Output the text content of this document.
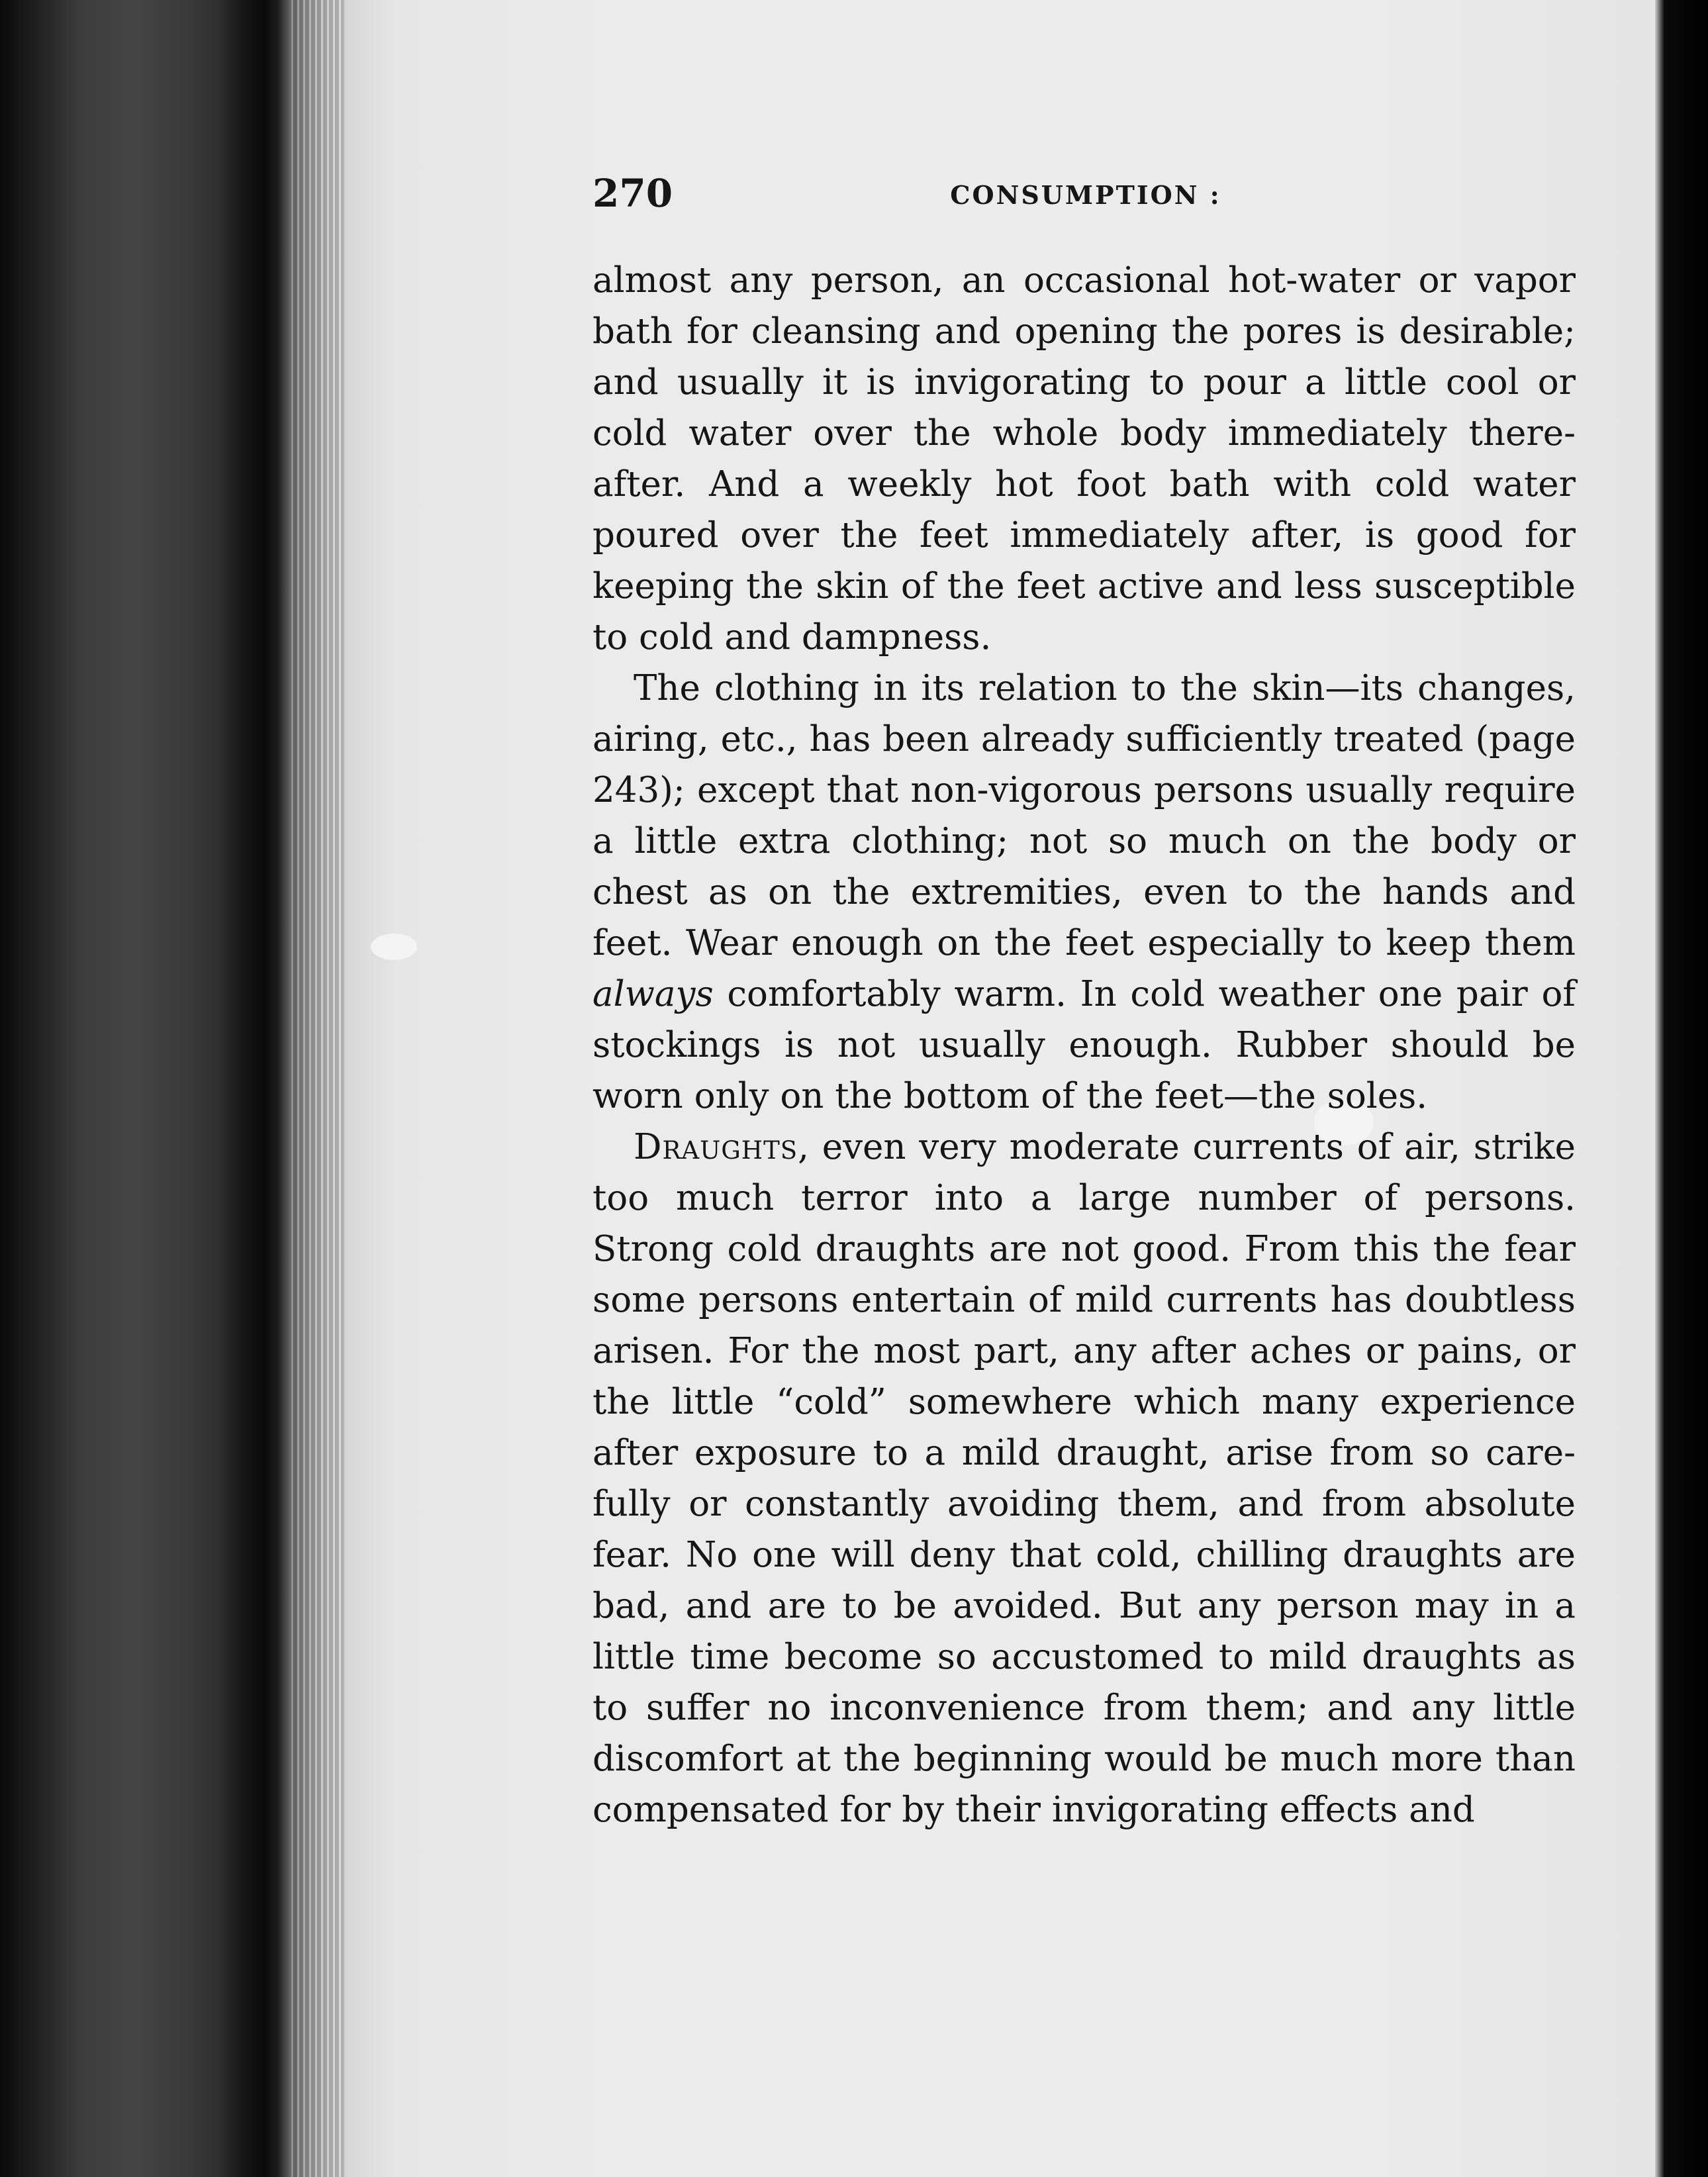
270	CONSUMPTION :

almost any person, an occasional hot-water or vapor bath for cleansing and opening the pores is desirable; and usually it is invigorating to pour a little cool or cold water over the whole body immediately there-after. And a weekly hot foot bath with cold water poured over the feet immediately after, is good for keeping the skin of the feet active and less susceptible to cold and dampness.

The clothing in its relation to the skin—its changes, airing, etc., has been already sufficiently treated (page 243); except that non-vigorous persons usually require a little extra clothing; not so much on the body or chest as on the extremities, even to the hands and feet. Wear enough on the feet especially to keep them always comfortably warm. In cold weather one pair of stockings is not usually enough. Rubber should be worn only on the bottom of the feet—the soles.

Draughts, even very moderate currents of air, strike too much terror into a large number of persons. Strong cold draughts are not good. From this the fear some persons entertain of mild currents has doubtless arisen. For the most part, any after aches or pains, or the little “cold” somewhere which many experience after exposure to a mild draught, arise from so care-fully or constantly avoiding them, and from absolute fear. No one will deny that cold, chilling draughts are bad, and are to be avoided. But any person may in a little time become so accustomed to mild draughts as to suffer no inconvenience from them; and any little discomfort at the beginning would be much more than compensated for by their invigorating effects and
